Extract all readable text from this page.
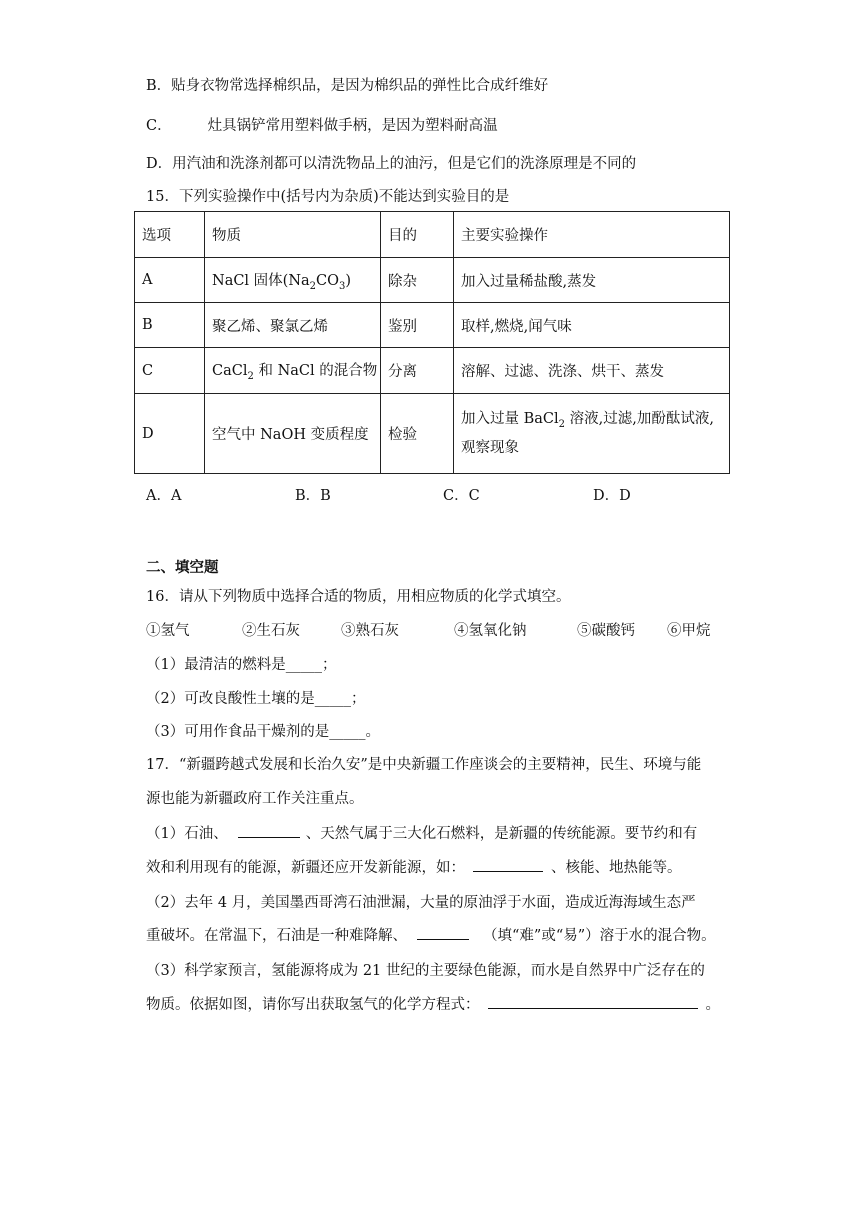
B．贴身衣物常选择棉织品，是因为棉织品的弹性比合成纤维好
C． 灶具锅铲常用塑料做手柄，是因为塑料耐高温
D．用汽油和洗涤剂都可以清洗物品上的油污，但是它们的洗涤原理是不同的
15．下列实验操作中(括号内为杂质)不能达到实验目的是
选项	物质	目的	主要实验操作
A	NaCl 固体$(Na_2CO_3)$	除杂	加入过量稀盐酸,蒸发
B	聚乙烯、聚氯乙烯	鉴别	取样,燃烧,闻气味
C	CaCl$_2$ 和 NaCl 的混合物	分离	溶解、过滤、洗涤、烘干、蒸发
D	空气中 NaOH 变质程度	检验	加入过量 BaCl$_2$ 溶液,过滤,加酚酞试液,观察现象
A．A	B．B	C．C	D．D
二、填空题
16．请从下列物质中选择合适的物质，用相应物质的化学式填空。
①氢气	②生石灰	③熟石灰	④氢氧化钠	⑤碳酸钙 ⑥甲烷
（1）最清洁的燃料是_____；
（2）可改良酸性土壤的是_____；
（3）可用作食品干燥剂的是_____。
17．“新疆跨越式发展和长治久安”是中央新疆工作座谈会的主要精神，民生、环境与能
源也能为新疆政府工作关注重点。
（1）石油、	、天然气属于三大化石燃料，是新疆的传统能源。要节约和有
效和利用现有的能源，新疆还应开发新能源，如：	、核能、地热能等。
（2）去年 4 月，美国墨西哥湾石油泄漏，大量的原油浮于水面，造成近海海域生态严
重破坏。在常温下，石油是一种难降解、	（填“难”或“易”）溶于水的混合物。
（3）科学家预言，氢能源将成为 21 世纪的主要绿色能源，而水是自然界中广泛存在的
物质。依据如图，请你写出获取氢气的化学方程式：	。
